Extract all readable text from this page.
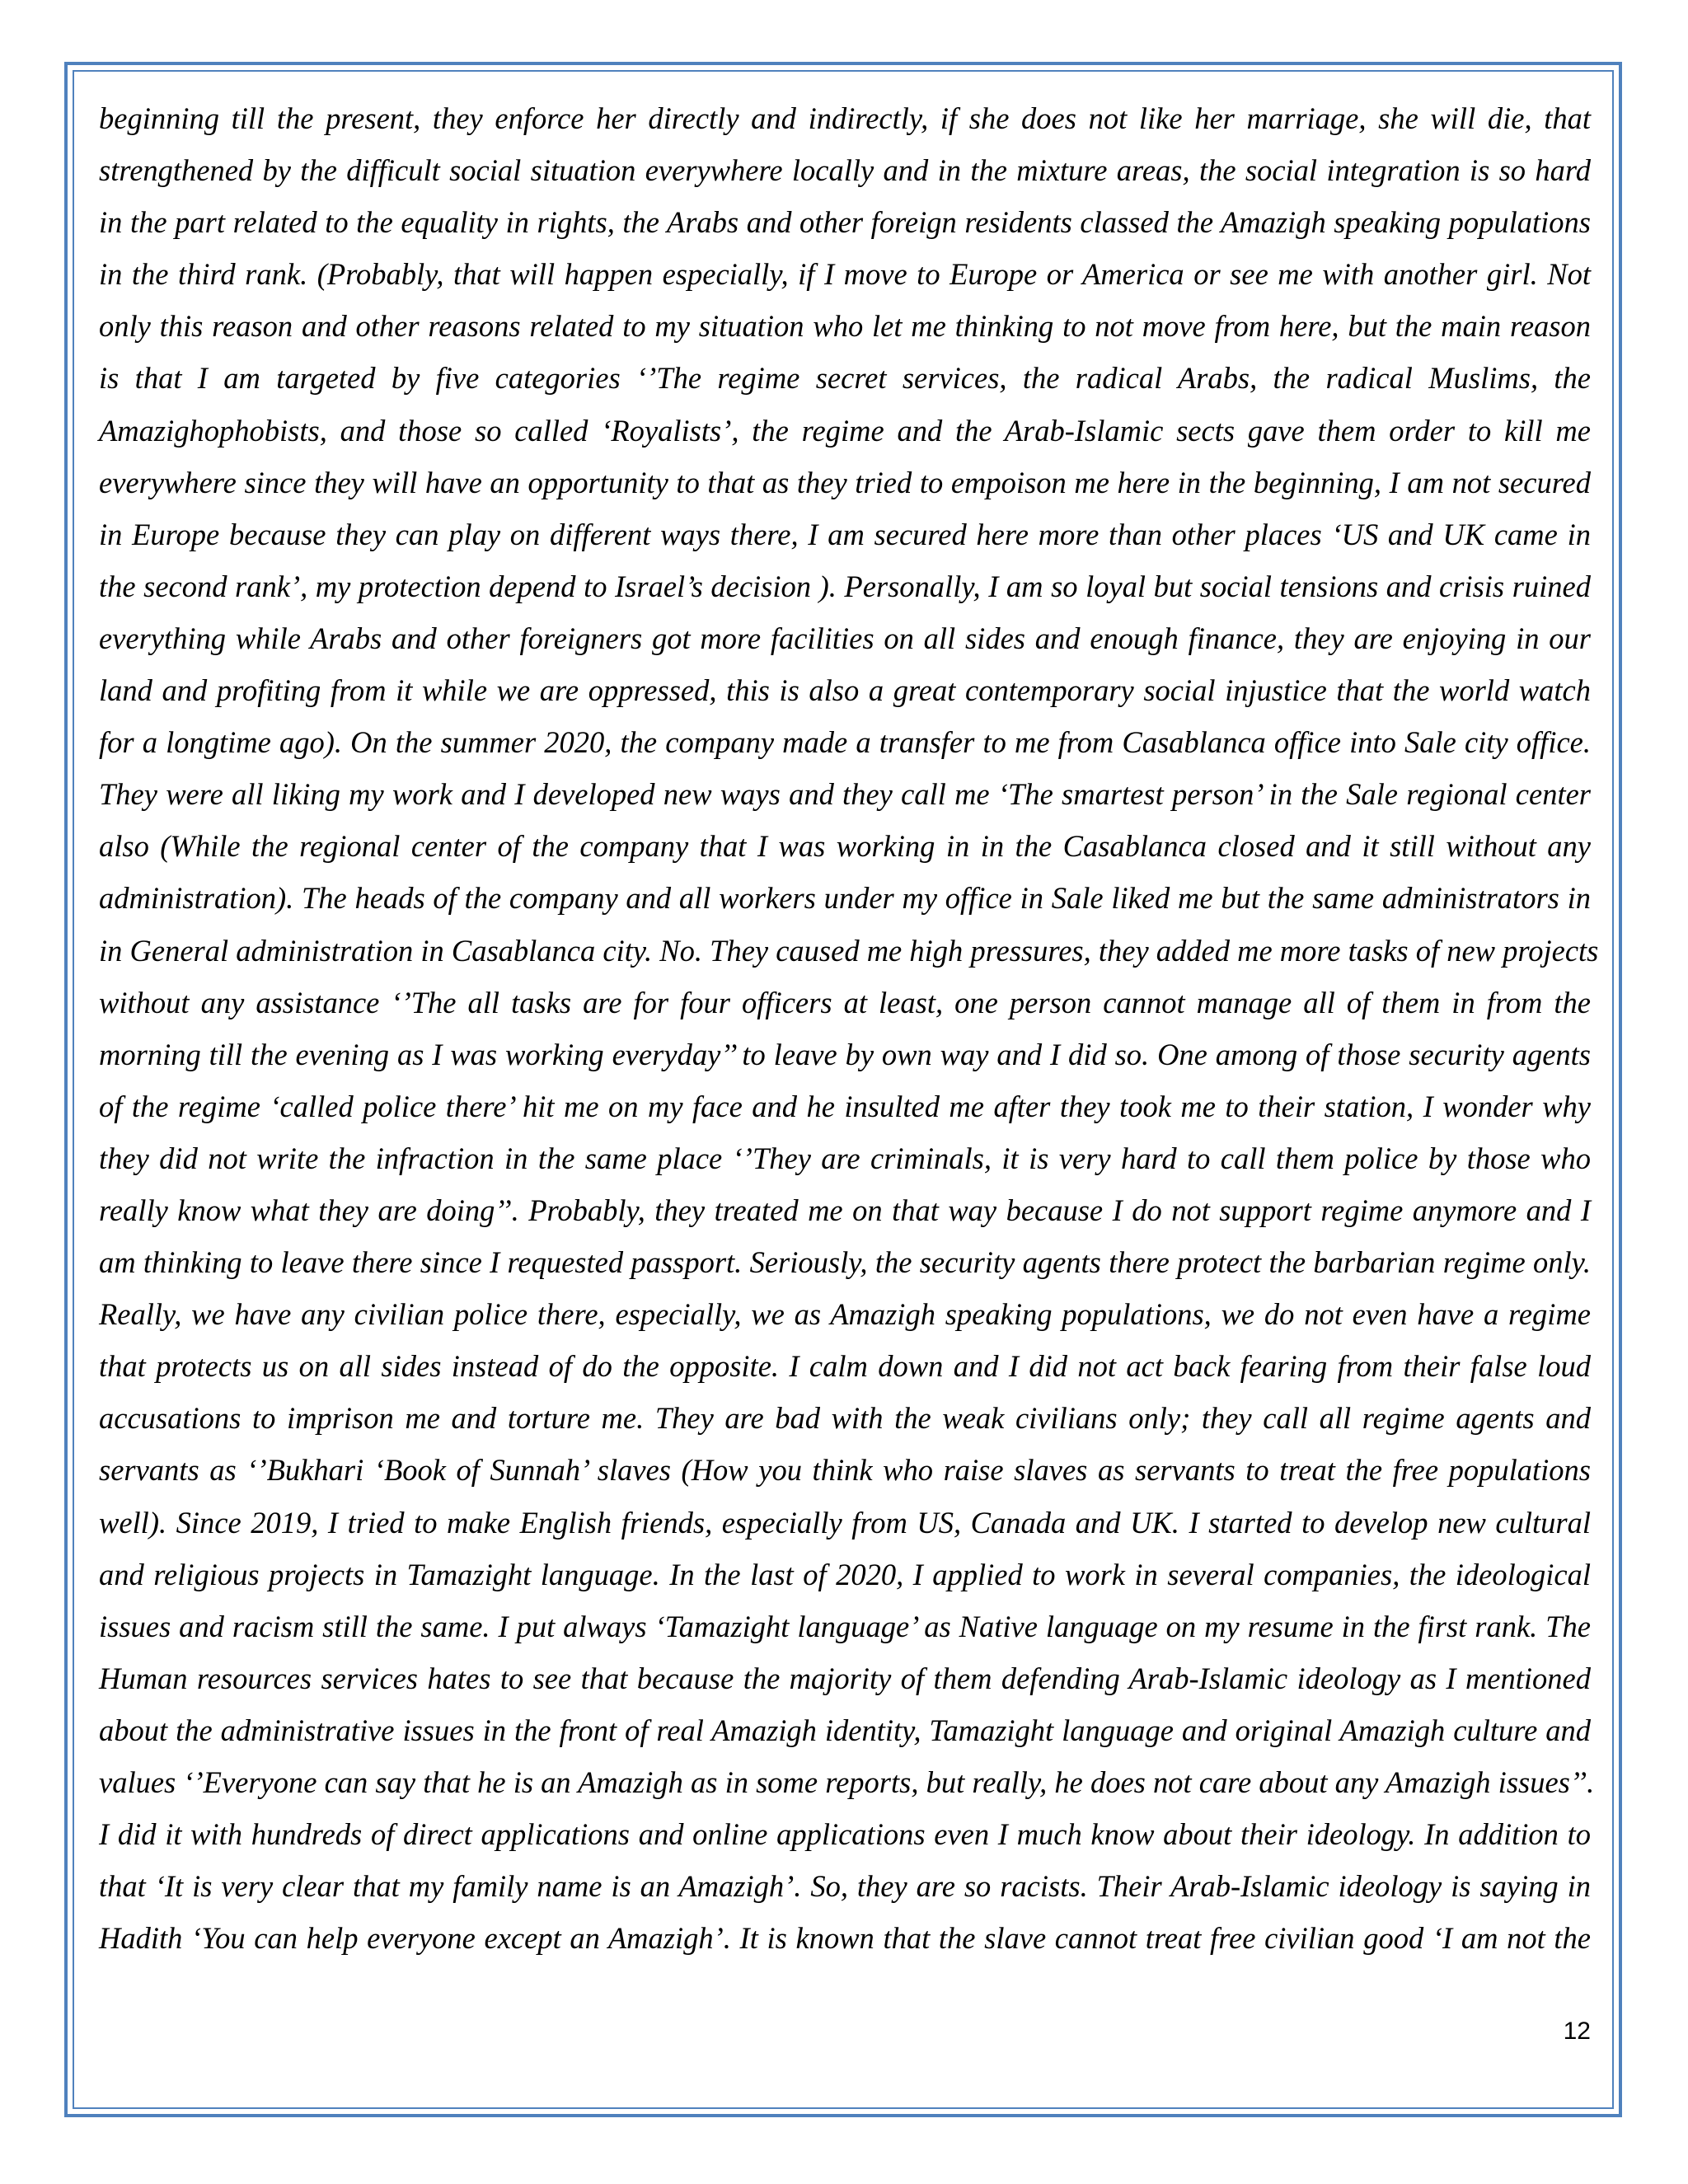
beginning till the present, they enforce her directly and indirectly, if she does not like her marriage, she will die, that
strengthened by the difficult social situation everywhere locally and in the mixture areas, the social integration is so hard
in the part related to the equality in rights, the Arabs and other foreign residents classed the Amazigh speaking populations
in the third rank. (Probably, that will happen especially, if I move to Europe or America or see me with another girl. Not
only this reason and other reasons related to my situation who let me thinking to not move from here, but the main reason
is that I am targeted by five categories ‘’The regime secret services, the radical Arabs, the radical Muslims, the
Amazighophobists, and those so called ‘Royalists’, the regime and the Arab-Islamic sects gave them order to kill me
everywhere since they will have an opportunity to that as they tried to empoison me here in the beginning, I am not secured
in Europe because they can play on different ways there, I am secured here more than other places ‘US and UK came in
the second rank’, my protection depend to Israel’s decision ). Personally, I am so loyal but social tensions and crisis ruined
everything while Arabs and other foreigners got more facilities on all sides and enough finance, they are enjoying in our
land and profiting from it while we are oppressed, this is also a great contemporary social injustice that the world watch
for a longtime ago). On the summer 2020, the company made a transfer to me from Casablanca office into Sale city office.
They were all liking my work and I developed new ways and they call me ‘The smartest person’ in the Sale regional center
also (While the regional center of the company that I was working in in the Casablanca closed and it still without any
administration). The heads of the company and all workers under my office in Sale liked me but the same administrators in
in General administration in Casablanca city. No. They caused me high pressures, they added me more tasks of new projects
without any assistance ‘’The all tasks are for four officers at least, one person cannot manage all of them in from the
morning till the evening as I was working everyday’’ to leave by own way and I did so. One among of those security agents
of the regime ‘called police there’ hit me on my face and he insulted me after they took me to their station, I wonder why
they did not write the infraction in the same place ‘’They are criminals, it is very hard to call them police by those who
really know what they are doing’’. Probably, they treated me on that way because I do not support regime anymore and I
am thinking to leave there since I requested passport. Seriously, the security agents there protect the barbarian regime only.
Really, we have any civilian police there, especially, we as Amazigh speaking populations, we do not even have a regime
that protects us on all sides instead of do the opposite. I calm down and I did not act back fearing from their false loud
accusations to imprison me and torture me. They are bad with the weak civilians only; they call all regime agents and
servants as ‘’Bukhari ‘Book of Sunnah’ slaves (How you think who raise slaves as servants to treat the free populations
well). Since 2019, I tried to make English friends, especially from US, Canada and UK. I started to develop new cultural
and religious projects in Tamazight language. In the last of 2020, I applied to work in several companies, the ideological
issues and racism still the same. I put always ‘Tamazight language’ as Native language on my resume in the first rank. The
Human resources services hates to see that because the majority of them defending Arab-Islamic ideology as I mentioned
about the administrative issues in the front of real Amazigh identity, Tamazight language and original Amazigh culture and
values ‘’Everyone can say that he is an Amazigh as in some reports, but really, he does not care about any Amazigh issues’’.
I did it with hundreds of direct applications and online applications even I much know about their ideology. In addition to
that ‘It is very clear that my family name is an Amazigh’. So, they are so racists. Their Arab-Islamic ideology is saying in
Hadith ‘You can help everyone except an Amazigh’. It is known that the slave cannot treat free civilian good ‘I am not the
12
